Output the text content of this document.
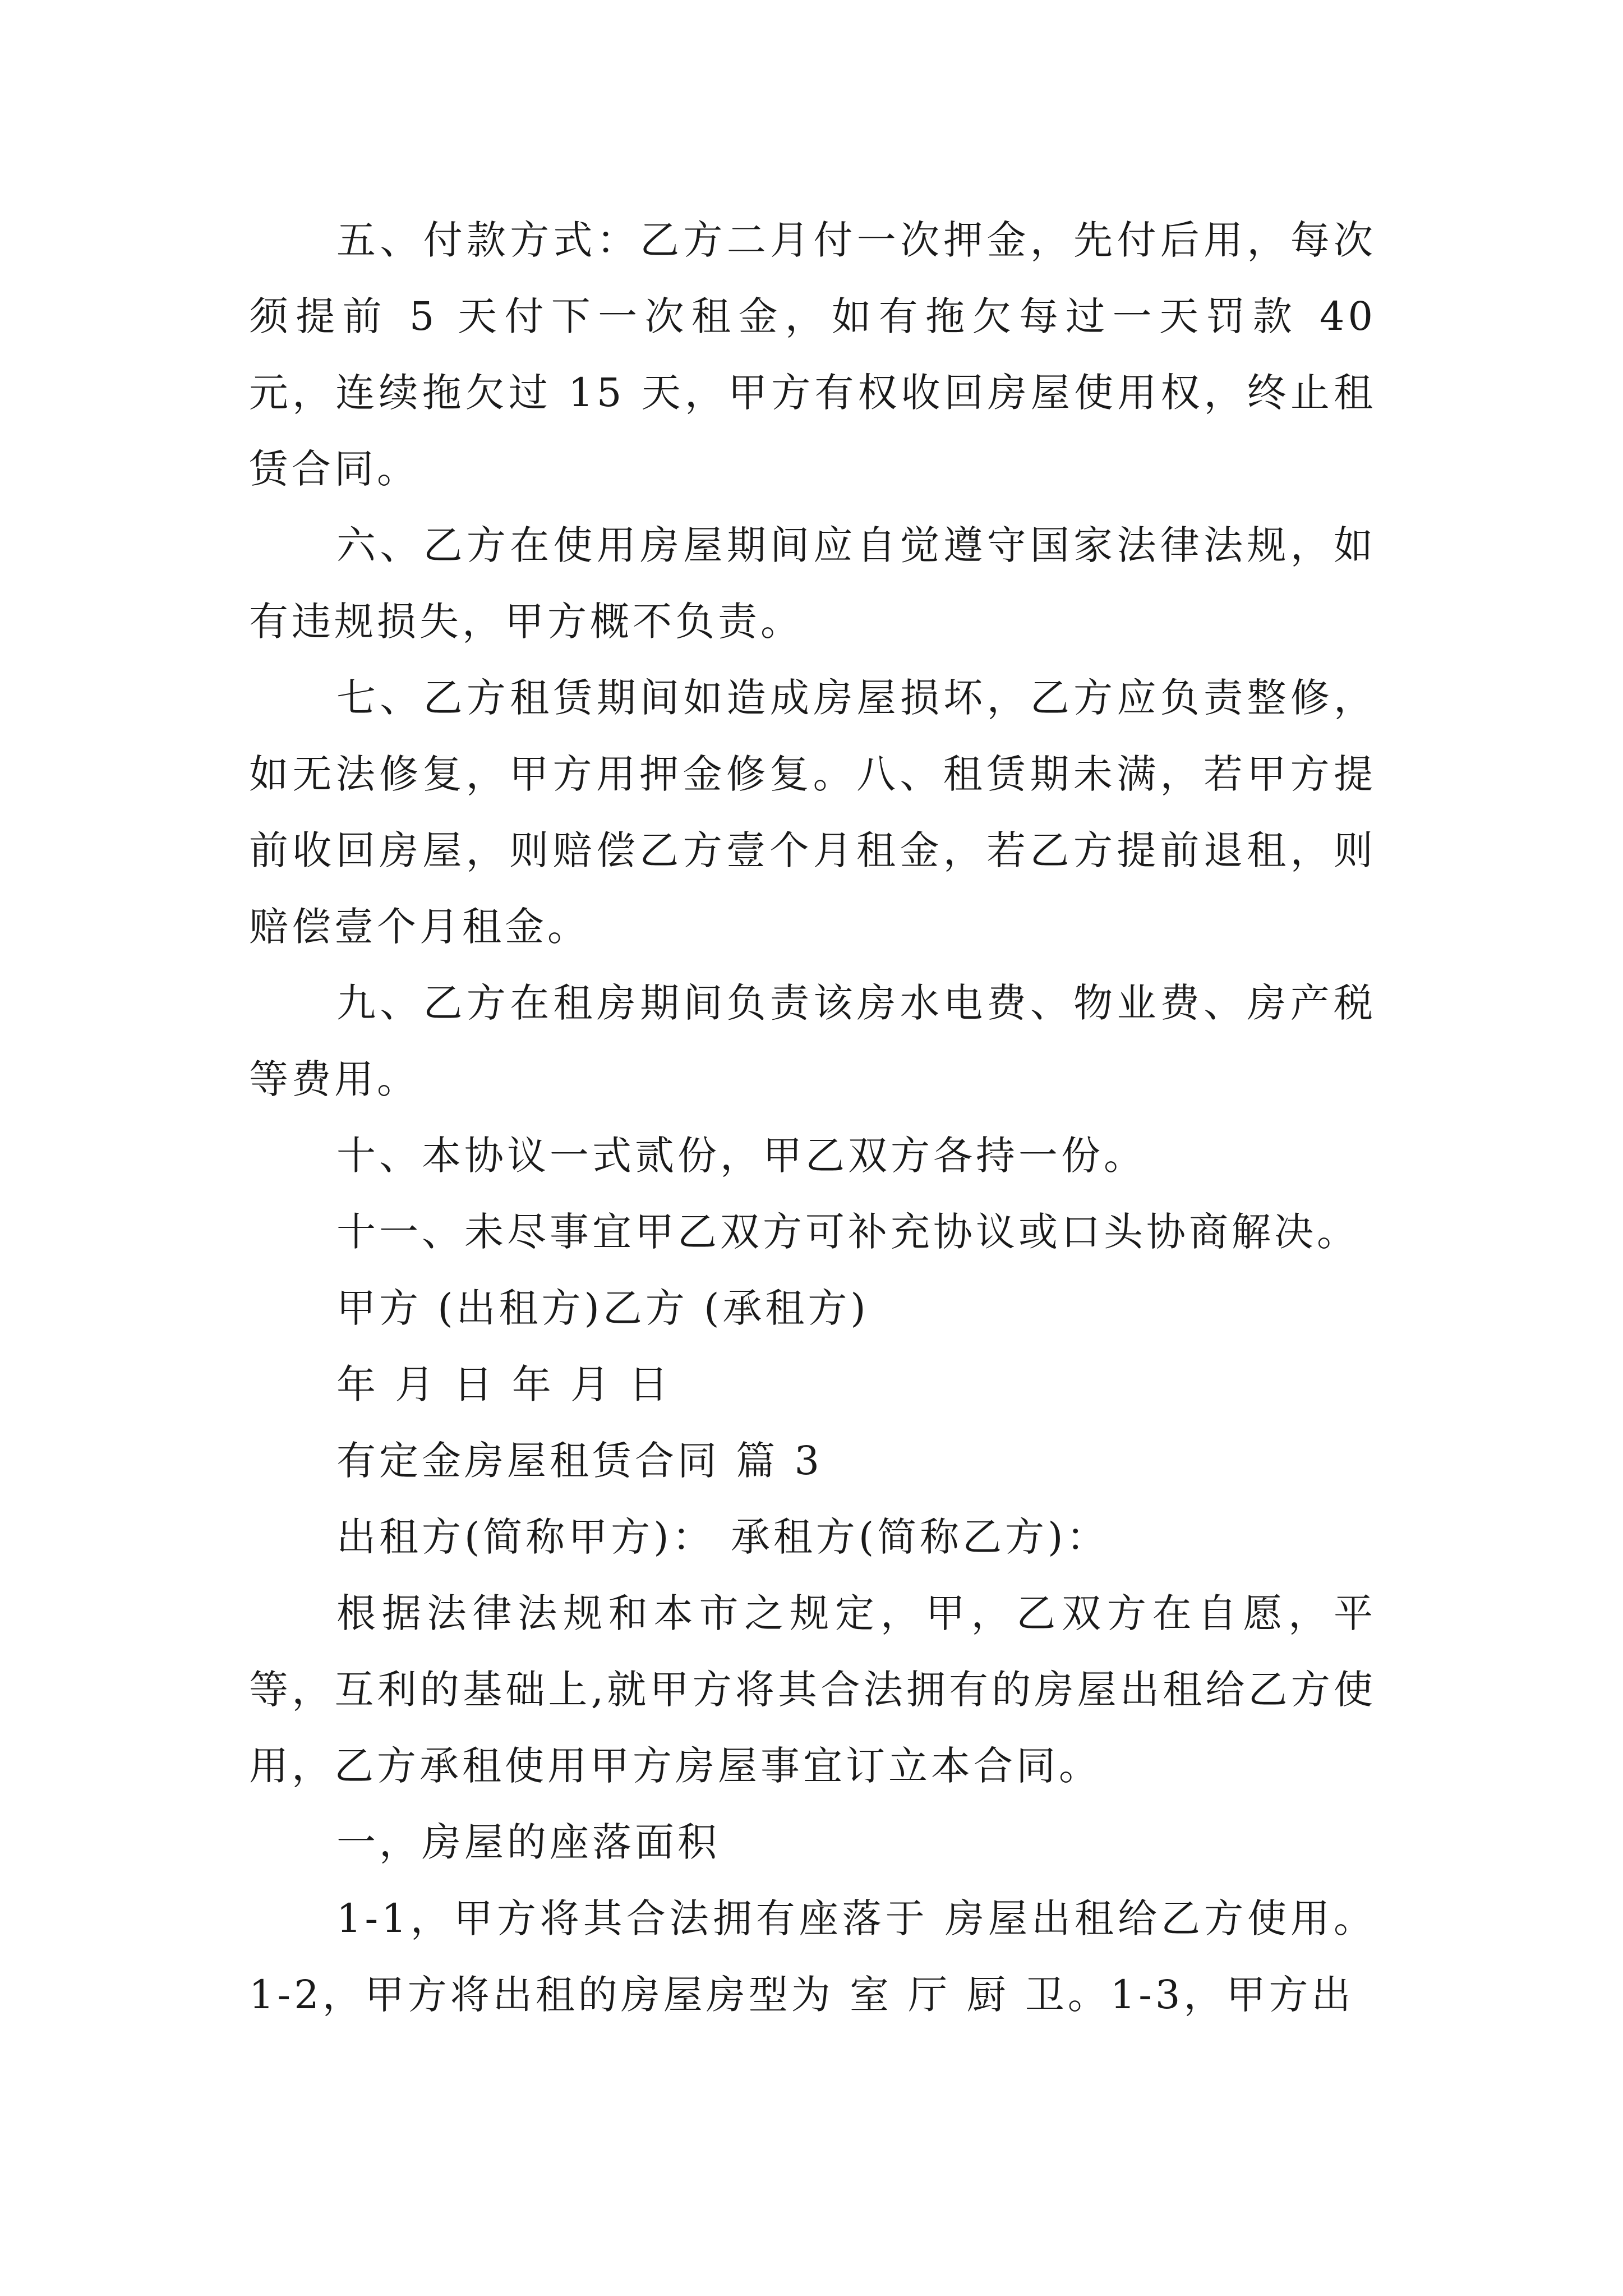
五、付款方式：乙方二月付一次押金，先付后用，每次须提前 5 天付下一次租金，如有拖欠每过一天罚款 40 元，连续拖欠过 15 天，甲方有权收回房屋使用权，终止租赁合同。

六、乙方在使用房屋期间应自觉遵守国家法律法规，如有违规损失，甲方概不负责。

七、乙方租赁期间如造成房屋损坏，乙方应负责整修，如无法修复，甲方用押金修复。八、租赁期未满，若甲方提前收回房屋，则赔偿乙方壹个月租金，若乙方提前退租，则赔偿壹个月租金。

九、乙方在租房期间负责该房水电费、物业费、房产税等费用。

十、本协议一式贰份，甲乙双方各持一份。

十一、未尽事宜甲乙双方可补充协议或口头协商解决。

甲方 (出租方)乙方 (承租方)

年 月 日 年 月 日

有定金房屋租赁合同 篇 3

出租方(简称甲方)： 承租方(简称乙方)：

根据法律法规和本市之规定，甲，乙双方在自愿，平等，互利的基础上,就甲方将其合法拥有的房屋出租给乙方使用，乙方承租使用甲方房屋事宜订立本合同。

一，房屋的座落面积

1-1，甲方将其合法拥有座落于 房屋出租给乙方使用。1-2，甲方将出租的房屋房型为 室 厅 厨 卫。1-3，甲方出
